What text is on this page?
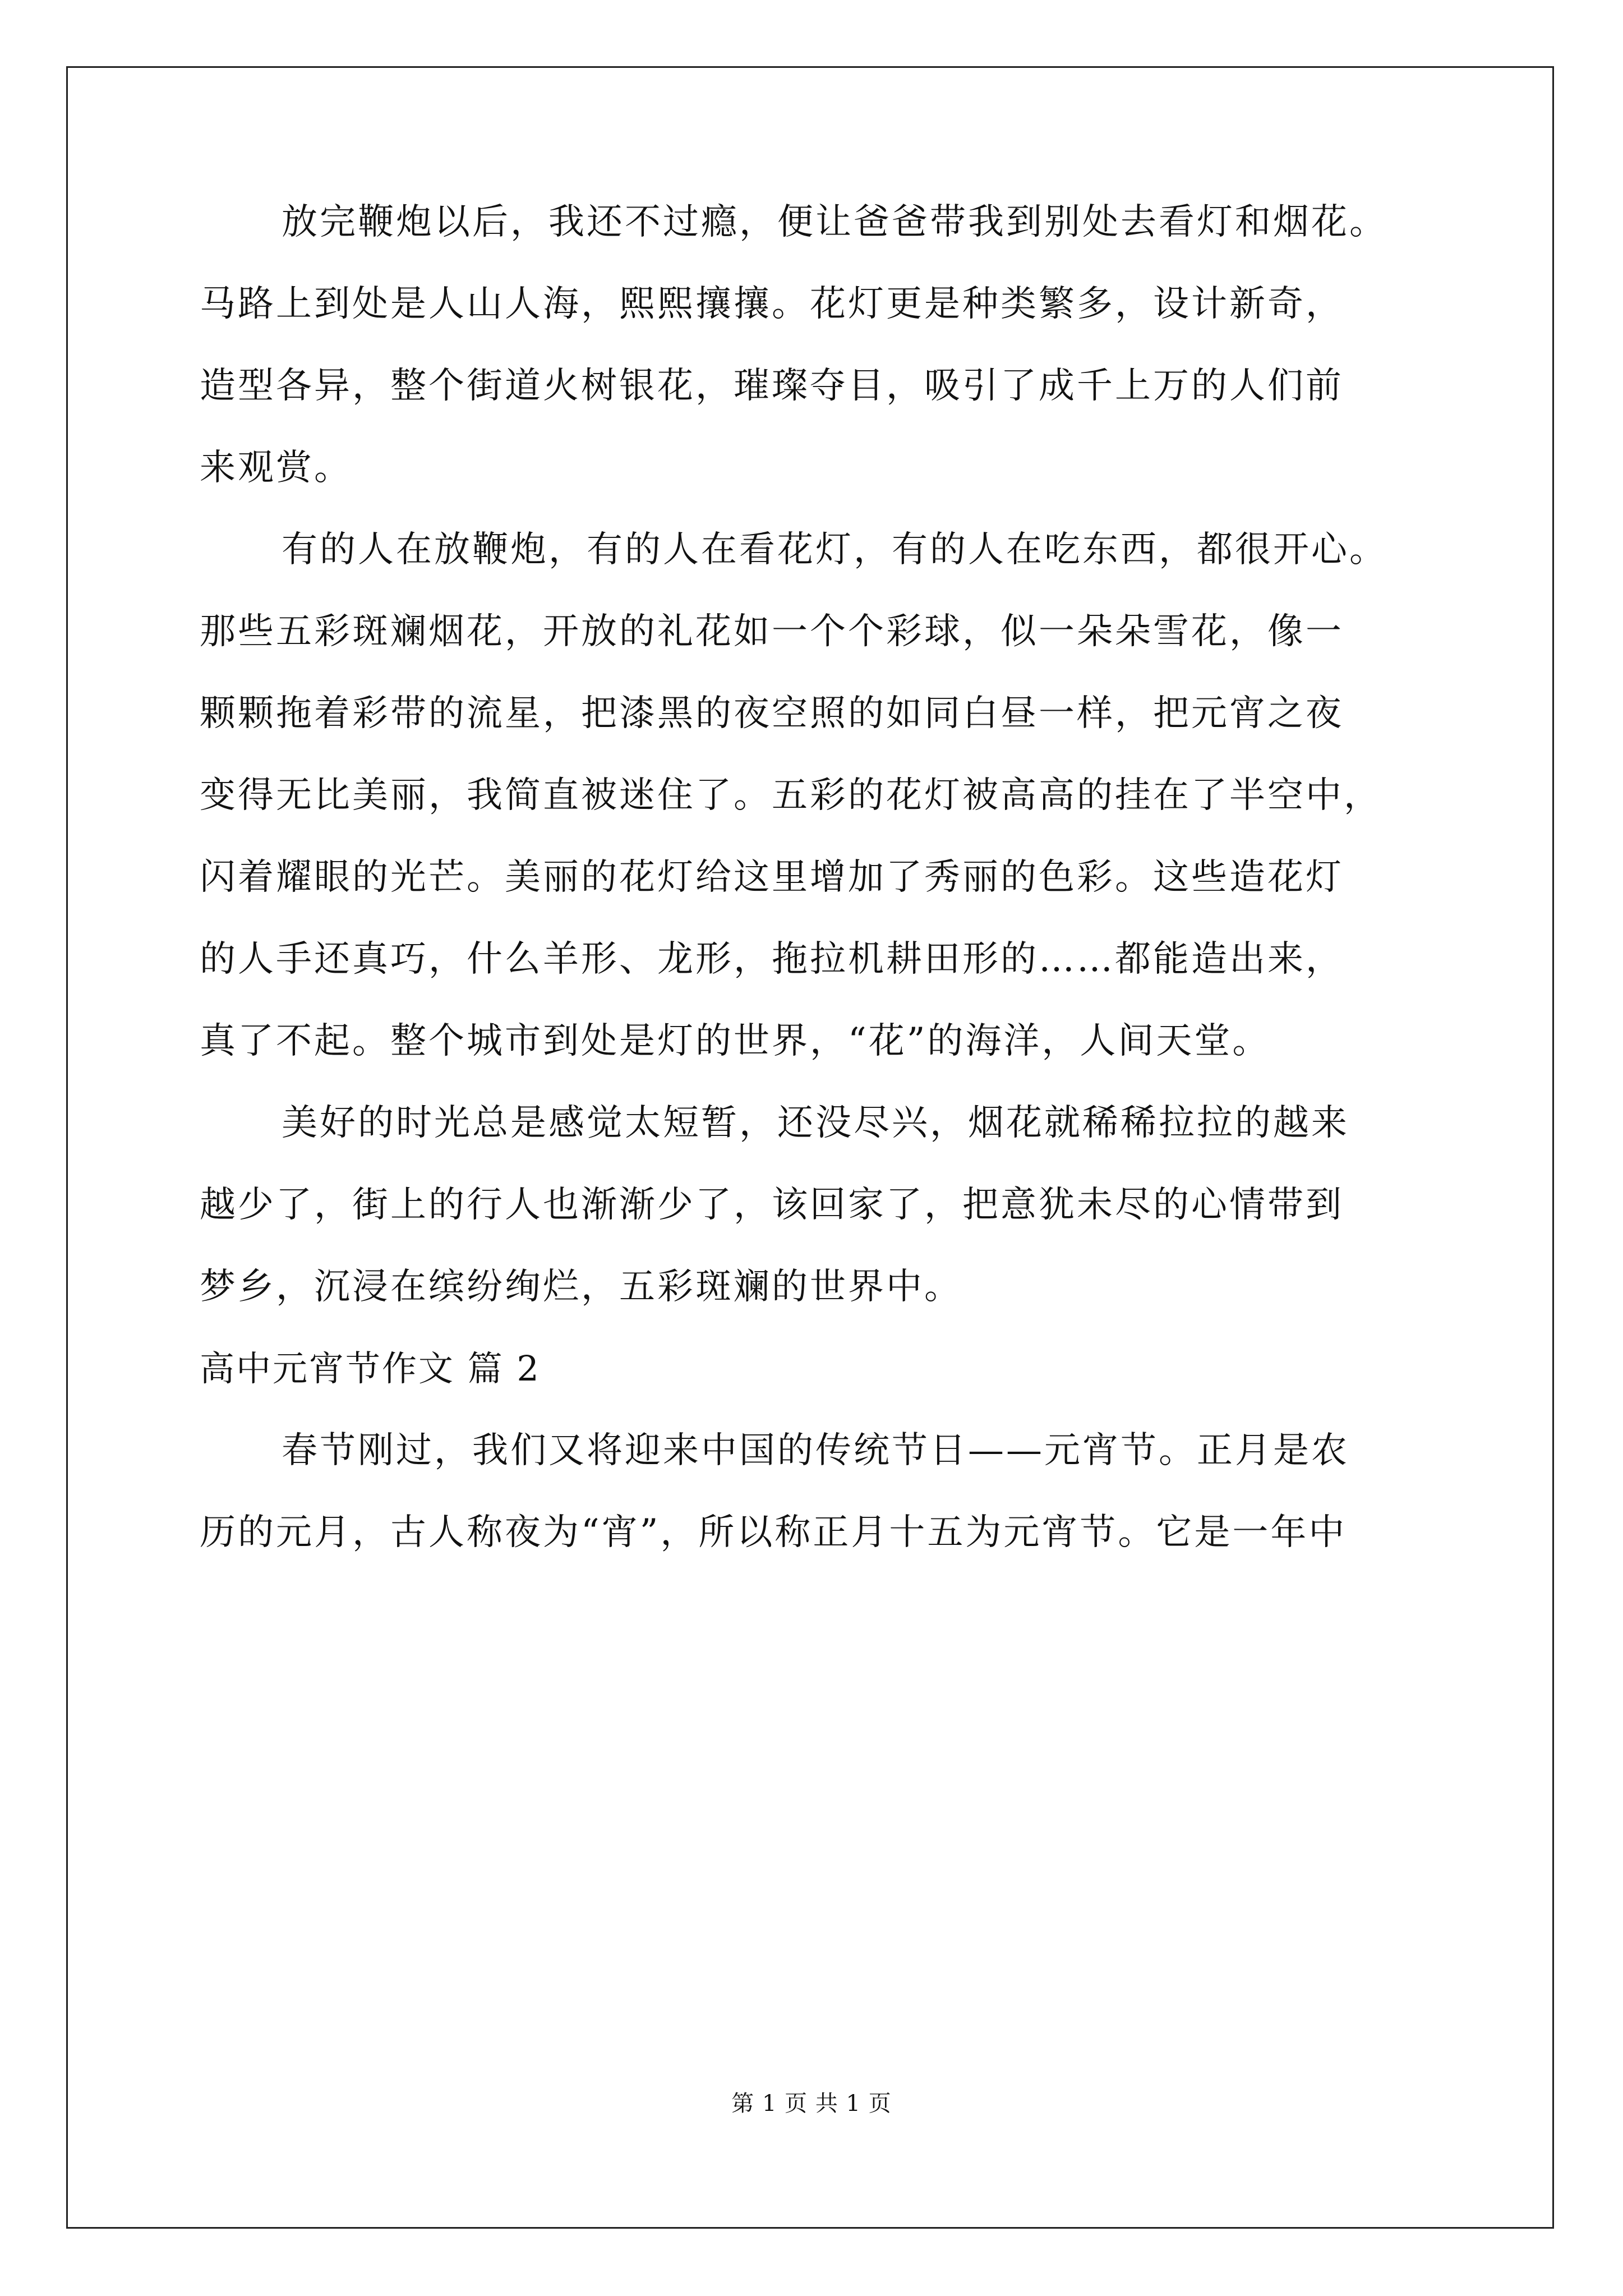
放完鞭炮以后，我还不过瘾，便让爸爸带我到别处去看灯和烟花。
马路上到处是人山人海，熙熙攘攘。花灯更是种类繁多，设计新奇，
造型各异，整个街道火树银花，璀璨夺目，吸引了成千上万的人们前
来观赏。
有的人在放鞭炮，有的人在看花灯，有的人在吃东西，都很开心。
那些五彩斑斓烟花，开放的礼花如一个个彩球，似一朵朵雪花，像一
颗颗拖着彩带的流星，把漆黑的夜空照的如同白昼一样，把元宵之夜
变得无比美丽，我简直被迷住了。五彩的花灯被高高的挂在了半空中，
闪着耀眼的光芒。美丽的花灯给这里增加了秀丽的色彩。这些造花灯
的人手还真巧，什么羊形、龙形，拖拉机耕田形的……都能造出来，
真了不起。整个城市到处是灯的世界，“花”的海洋，人间天堂。
美好的时光总是感觉太短暂，还没尽兴，烟花就稀稀拉拉的越来
越少了，街上的行人也渐渐少了，该回家了，把意犹未尽的心情带到
梦乡，沉浸在缤纷绚烂，五彩斑斓的世界中。
高中元宵节作文 篇 2
春节刚过，我们又将迎来中国的传统节日——元宵节。正月是农
历的元月，古人称夜为“宵”，所以称正月十五为元宵节。它是一年中
第 1 页 共 1 页
